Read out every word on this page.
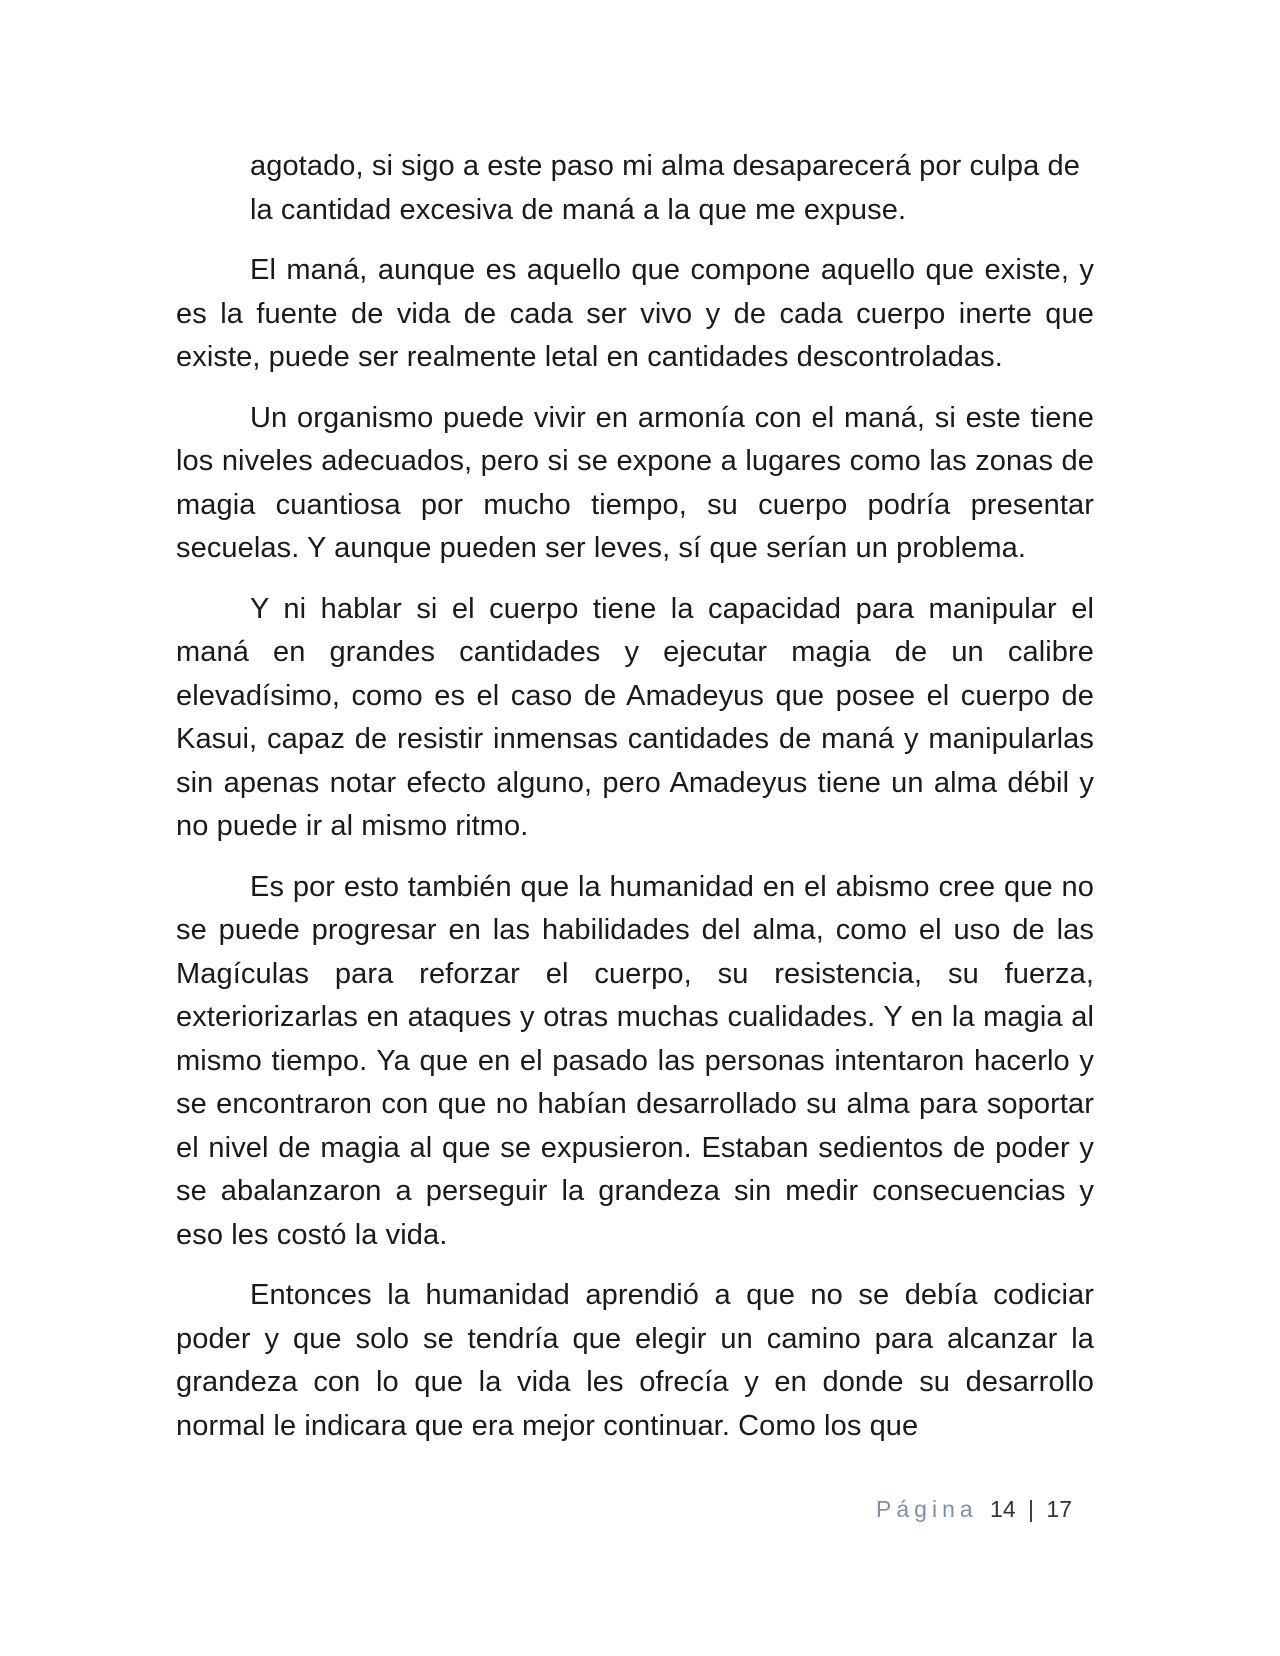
agotado, si sigo a este paso mi alma desaparecerá por culpa de la cantidad excesiva de maná a la que me expuse.

El maná, aunque es aquello que compone aquello que existe, y es la fuente de vida de cada ser vivo y de cada cuerpo inerte que existe, puede ser realmente letal en cantidades descontroladas.

Un organismo puede vivir en armonía con el maná, si este tiene los niveles adecuados, pero si se expone a lugares como las zonas de magia cuantiosa por mucho tiempo, su cuerpo podría presentar secuelas. Y aunque pueden ser leves, sí que serían un problema.

Y ni hablar si el cuerpo tiene la capacidad para manipular el maná en grandes cantidades y ejecutar magia de un calibre elevadísimo, como es el caso de Amadeyus que posee el cuerpo de Kasui, capaz de resistir inmensas cantidades de maná y manipularlas sin apenas notar efecto alguno, pero Amadeyus tiene un alma débil y no puede ir al mismo ritmo.

Es por esto también que la humanidad en el abismo cree que no se puede progresar en las habilidades del alma, como el uso de las Magículas para reforzar el cuerpo, su resistencia, su fuerza, exteriorizarlas en ataques y otras muchas cualidades. Y en la magia al mismo tiempo. Ya que en el pasado las personas intentaron hacerlo y se encontraron con que no habían desarrollado su alma para soportar el nivel de magia al que se expusieron. Estaban sedientos de poder y se abalanzaron a perseguir la grandeza sin medir consecuencias y eso les costó la vida.

Entonces la humanidad aprendió a que no se debía codiciar poder y que solo se tendría que elegir un camino para alcanzar la grandeza con lo que la vida les ofrecía y en donde su desarrollo normal le indicara que era mejor continuar. Como los que

Página 14 | 17
